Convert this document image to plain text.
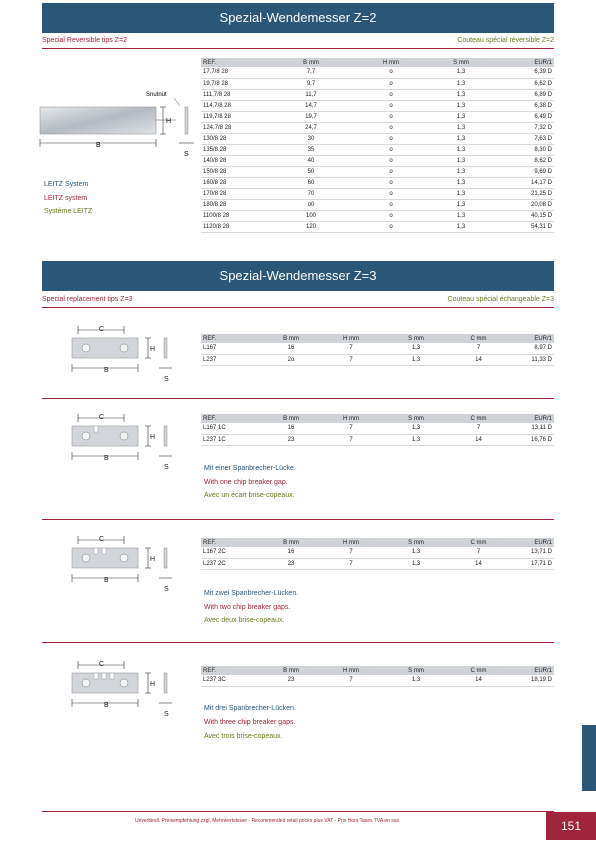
Spezial-Wendemesser Z=2
Special Reversible tips Z=2	Couteau spécial réversible Z=2
Snutnut
H
B
S
LEITZ System
LEITZ system
Système LEITZ
REF.	B mm	H mm	S mm	EUR/1
17,7/8 28	7,7	o	1,3	6,39 D
19,7/8 28	9,7	o	1,3	6,62 D
111,7/8 28	11,7	o	1,3	6,89 D
114,7/8 28	14,7	o	1,3	6,38 D
119,7/8 28	19,7	o	1,3	6,49 D
124,7/8 28	24,7	o	1,3	7,32 D
130/8 28	30	o	1,3	7,63 D
135/8 28	35	o	1,3	8,30 D
140/8 28	40	o	1,3	8,62 D
150/8 28	50	o	1,3	9,69 D
160/8 28	60	o	1,3	14,17 D
170/8 28	70	o	1,3	21,25 D
180/8 28	o0	o	1,3	20,08 D
1100/8 28	100	o	1,3	40,15 D
1120/8 28	120	o	1,3	54,31 D
Spezial-Wendemesser Z=3
Special replacement tips Z=3	Couteau spécial échangeable Z=3
C
H
B
S
C
H
B
S
C
H
B
S
C
H
B
S
REF.	B mm	H mm	S mm	C mm	EUR/1
L167	16	7	1,3	7	8,97 D
L237	2o	7	1,3	14	11,33 D
REF.	B mm	H mm	S mm	C mm	EUR/1
L167 1C	16	7	1,3	7	13,11 D
L237 1C	23	7	1,3	14	16,76 D
REF.	B mm	H mm	S mm	C mm	EUR/1
L167 2C	16	7	1,3	7	13,71 D
L237 2C	23	7	1,3	14	17,71 D
REF.	B mm	H mm	S mm	C mm	EUR/1
L237 3C	23	7	1,3	14	18,19 D
Mit einer Spanbrecher-Lücke.
With one chip breaker gap.
Avec un écart brise-copeaux.
Mit zwei Spanbrecher-Lücken.
With two chip breaker gaps.
Avec deux brise-copeaux.
Mit drei Spanbrecher-Lücken.
With three chip breaker gaps.
Avec trois brise-copeaux.
Unverbindl. Preisempfehlung zzgl. Mehrwertsteuer - Recommended retail prices plus VAT - Prix Hors Taxes TVA en sus	151
